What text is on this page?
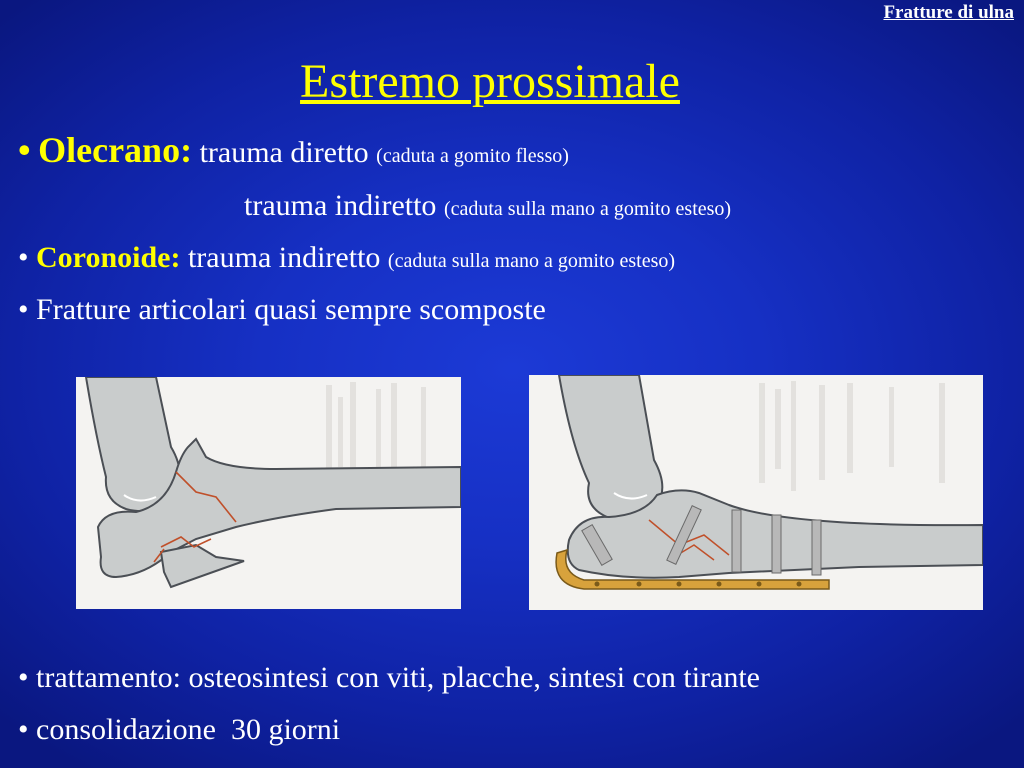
Fratture di ulna
Estremo prossimale
• Olecrano: trauma diretto (caduta a gomito flesso)
trauma indiretto (caduta sulla mano a gomito esteso)
• Coronoide: trauma indiretto (caduta sulla mano a gomito esteso)
• Fratture articolari quasi sempre scomposte
• trattamento: osteosintesi con viti, placche, sintesi con tirante
• consolidazione  30 giorni
